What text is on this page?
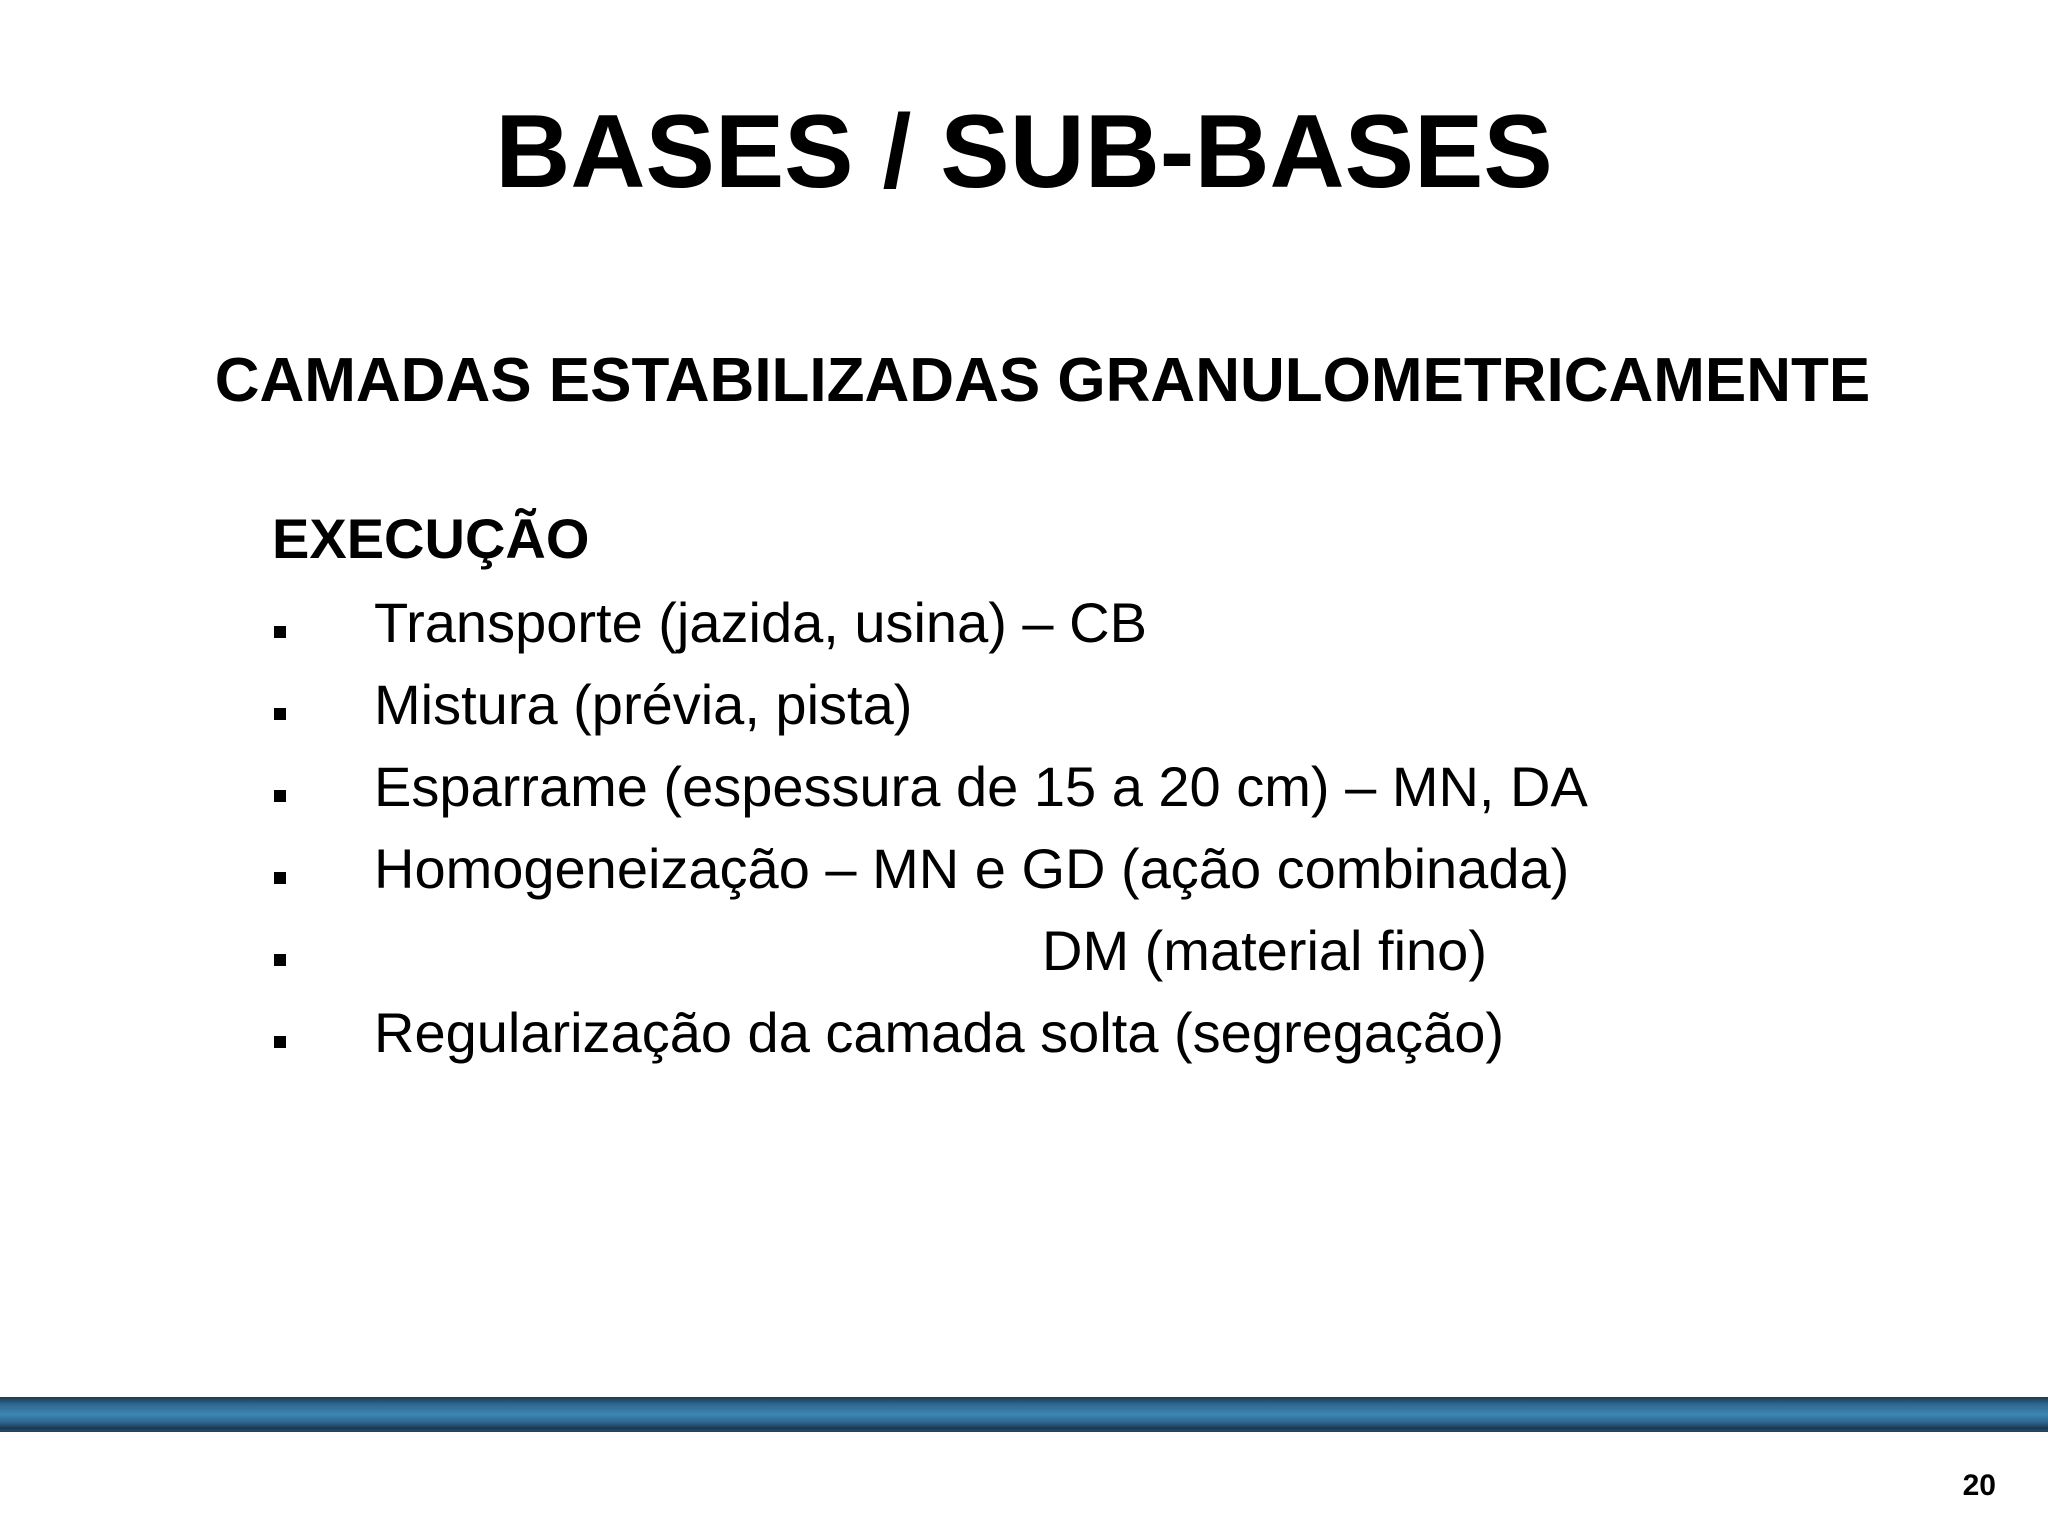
BASES / SUB-BASES
CAMADAS ESTABILIZADAS GRANULOMETRICAMENTE
EXECUÇÃO

Transporte (jazida, usina) – CB

Mistura (prévia, pista)

Esparrame (espessura de 15 a 20 cm) – MN, DA

Homogeneização – MN e GD (ação combinada)

DM (material fino)

Regularização da camada solta (segregação)

20
